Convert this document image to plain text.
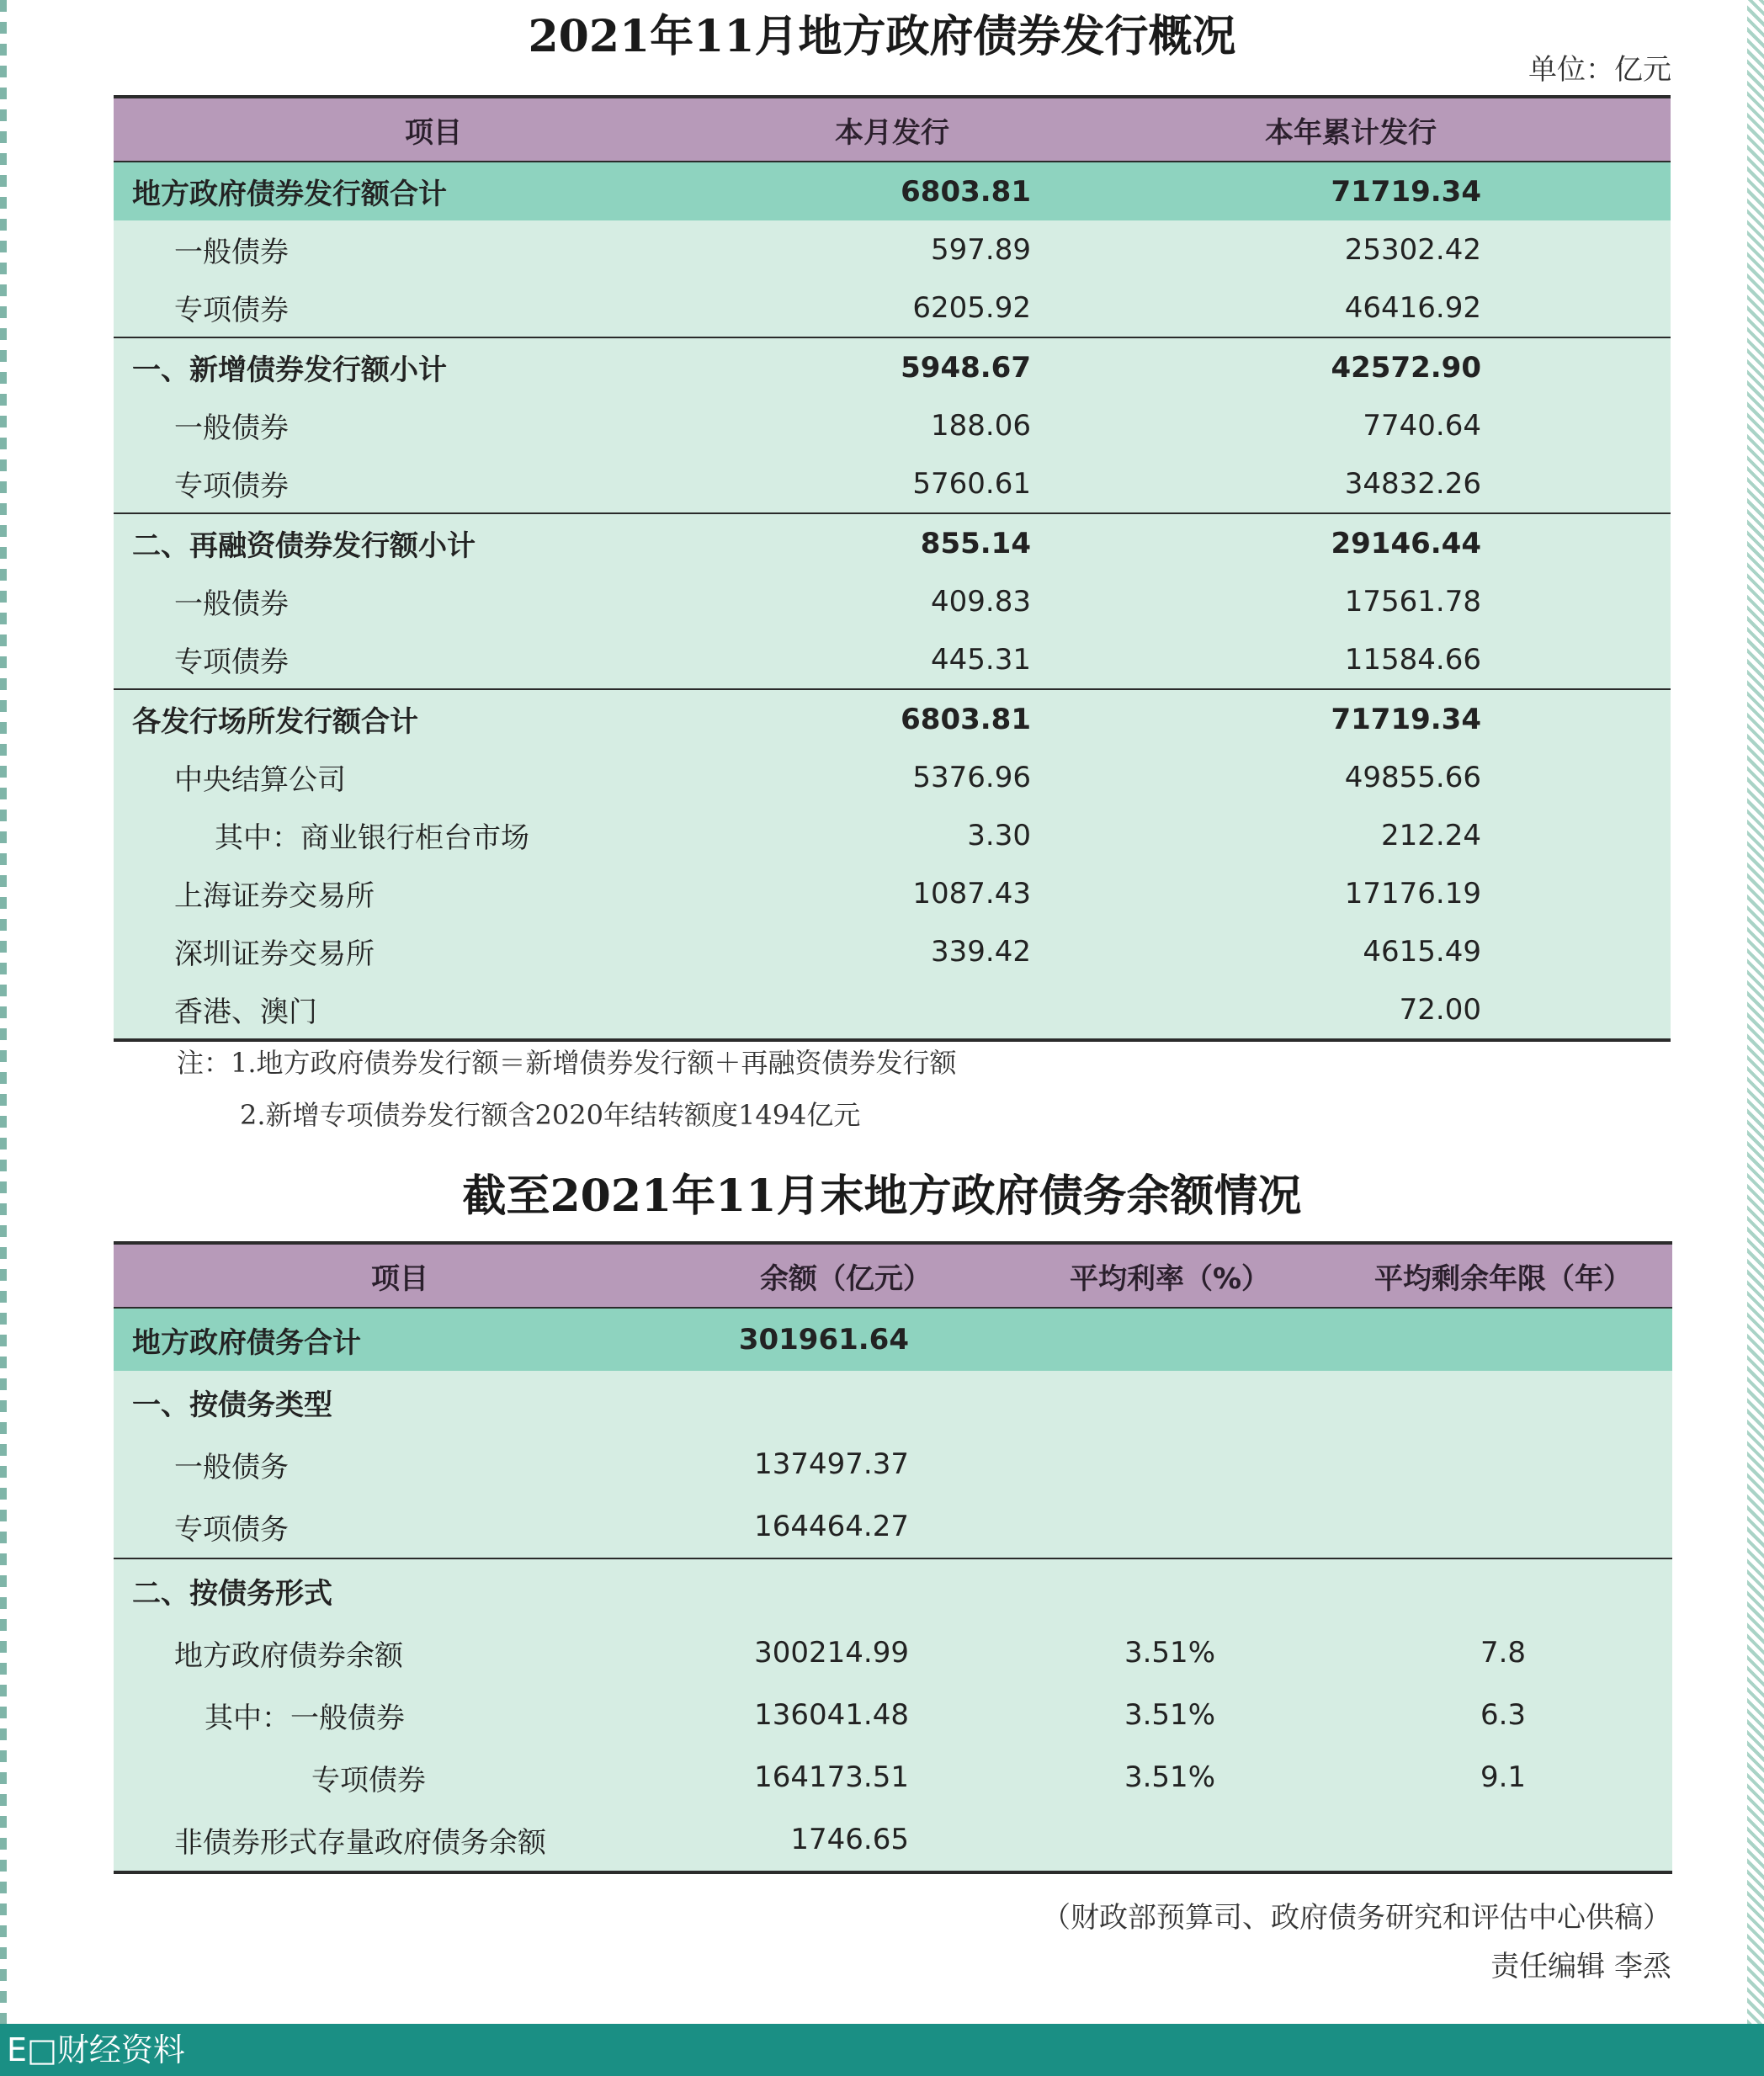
2021年11月地方政府债券发行概况
单位：亿元
项目	本月发行	本年累计发行
地方政府债券发行额合计	6803.81	71719.34
一般债券	597.89	25302.42
专项债券	6205.92	46416.92
一、新增债券发行额小计	5948.67	42572.90
一般债券	188.06	7740.64
专项债券	5760.61	34832.26
二、再融资债券发行额小计	855.14	29146.44
一般债券	409.83	17561.78
专项债券	445.31	11584.66
各发行场所发行额合计	6803.81	71719.34
中央结算公司	5376.96	49855.66
其中：商业银行柜台市场	3.30	212.24
上海证券交易所	1087.43	17176.19
深圳证券交易所	339.42	4615.49
香港、澳门		72.00
注：1.地方政府债券发行额＝新增债券发行额＋再融资债券发行额
2.新增专项债券发行额含2020年结转额度1494亿元
截至2021年11月末地方政府债务余额情况
项目	余额（亿元）	平均利率（%）	平均剩余年限（年）
地方政府债务合计	301961.64		
一、按债务类型			
一般债务	137497.37		
专项债务	164464.27		
二、按债务形式			
地方政府债券余额	300214.99	3.51%	7.8
其中：一般债券	136041.48	3.51%	6.3
专项债券	164173.51	3.51%	9.1
非债券形式存量政府债务余额	1746.65		
（财政部预算司、政府债务研究和评估中心供稿）
责任编辑 李烝
E□财经资料
